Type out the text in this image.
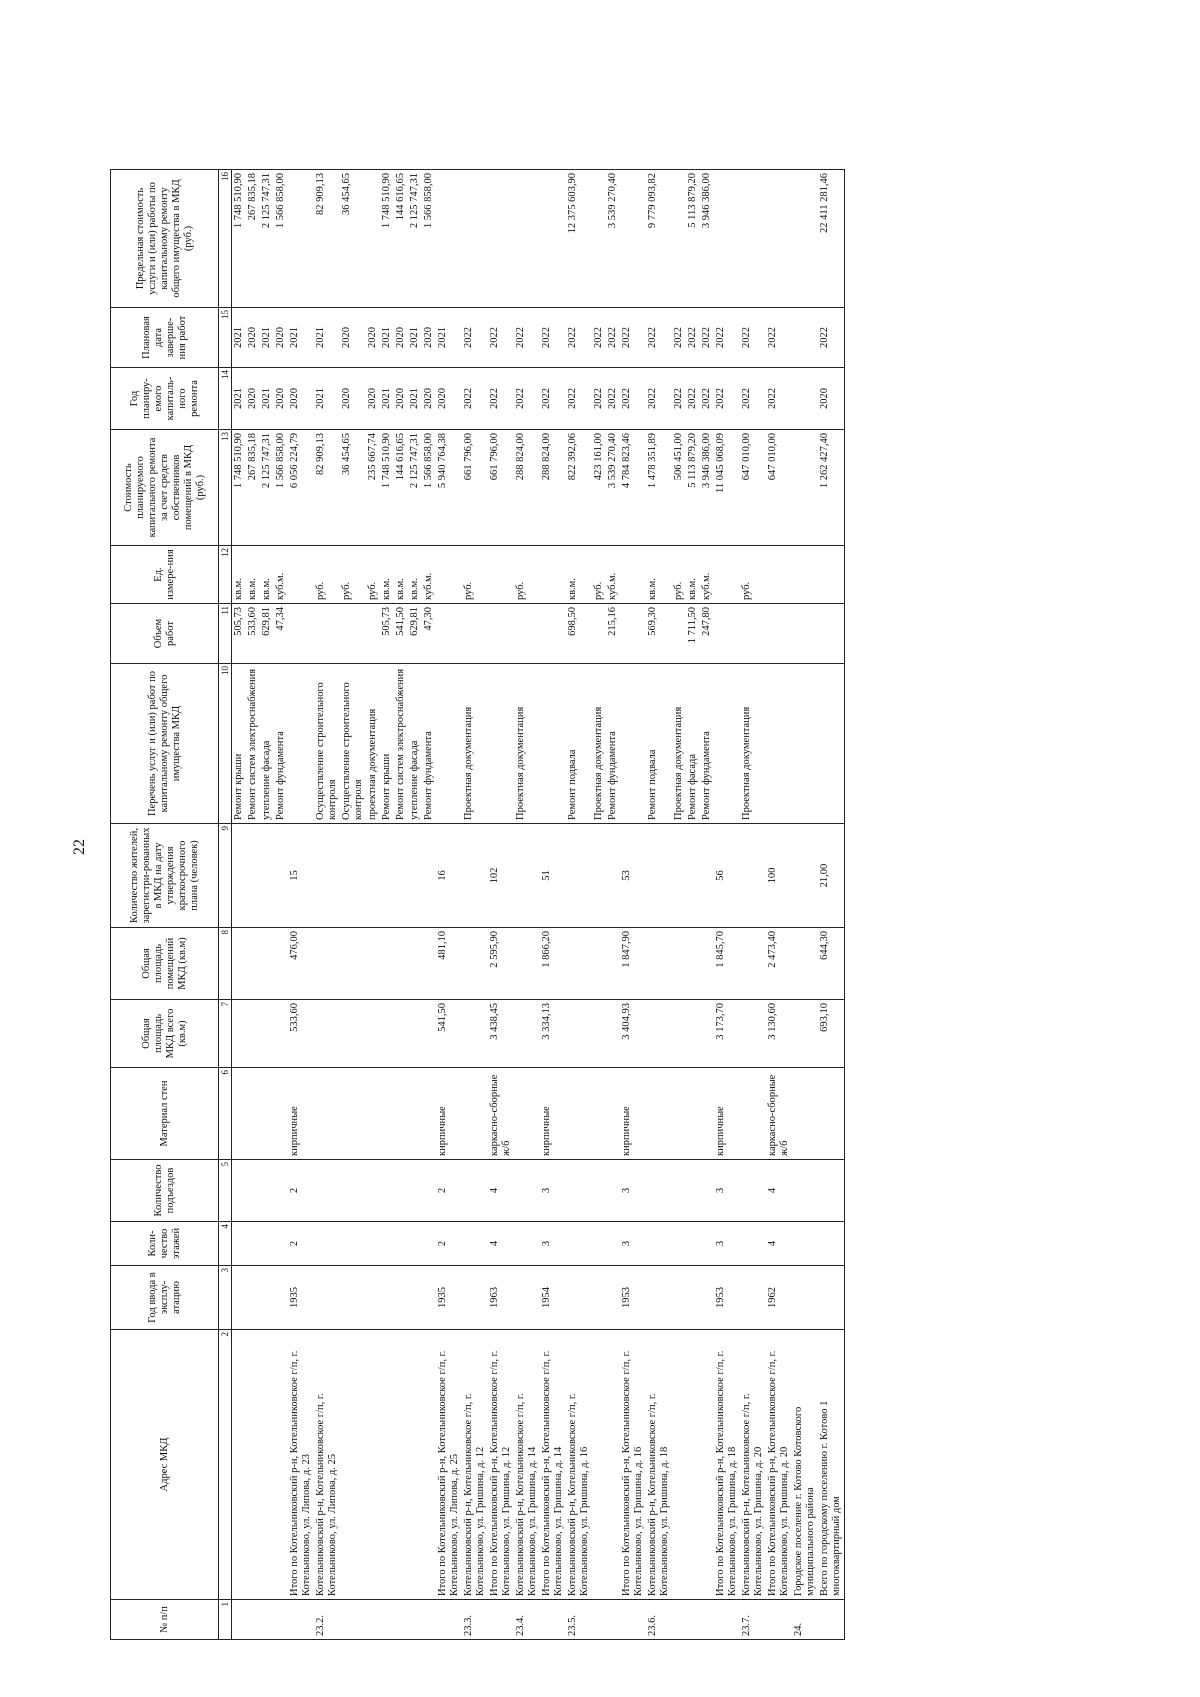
22
№ п/п	Адрес МКД	Год ввода в эксплу-атацию	Коли-чество этажей	Количество подъездов	Материал стен	Общая площадь МКД всего (кв.м)	Общая площадь помещений МКД (кв.м)	Количество жителей, зарегистри-рованных в МКД на дату утверждения краткосрочного плана (человек)	Перечень услуг и (или) работ по капитальному ремонту общего имущества МКД	Объем работ	Ед. измере-ния	Стоимость планируемого капитального ремонта за счет средств собственников помещений в МКД (руб.)	Год планиру-емого капиталь-ного ремонта	Плановая дата заверше-ния работ	Предельная стоимость услуги и (или) работы по капитальному ремонту общего имущества в МКД (руб.)
1	2	3	4	5	6	7	8	9	10	11	12	13	14	15	16
									Ремонт крыши	505,73	кв.м.	1 748 510,90	2021	2021	1 748 510,90
									Ремонт систем электроснабжения	533,60	кв.м.	267 835,18	2020	2020	267 835,18
									утепление фасада	629,81	кв.м.	2 125 747,31	2021	2021	2 125 747,31
									Ремонт фундамента	47,34	куб.м.	1 566 858,00	2020	2020	1 566 858,00
	Итого по Котельниковский р-н, Котельниковское г/п, г. Котельниково, ул. Липова, д. 23	1935	2	2	кирпичные	533,60	476,00	15				6 056 224,79	2020	2021	
23.2.	Котельниковский р-н, Котельниковское г/п, г. Котельниково, ул. Липова, д. 25								Осуществление строительного контроля		руб.	82 909,13	2021	2021	82 909,13
									Осуществление строительного контроля		руб.	36 454,65	2020	2020	36 454,65
									проектная документация		руб.	235 667,74	2020	2020	
									Ремонт крыши	505,73	кв.м.	1 748 510,90	2021	2021	1 748 510,90
									Ремонт систем электроснабжения	541,50	кв.м.	144 616,65	2020	2020	144 616,65
									утепление фасада	629,81	кв.м.	2 125 747,31	2021	2021	2 125 747,31
									Ремонт фундамента	47,30	куб.м.	1 566 858,00	2020	2020	1 566 858,00
	Итого по Котельниковский р-н, Котельниковское г/п, г. Котельниково, ул. Липова, д. 25	1935	2	2	кирпичные	541,50	481,10	16				5 940 764,38	2020	2021	
23.3.	Котельниковский р-н, Котельниковское г/п, г. Котельниково, ул. Гришина, д. 12								Проектная документация		руб.	661 796,00	2022	2022	
	Итого по Котельниковский р-н, Котельниковское г/п, г. Котельниково, ул. Гришина, д. 12	1963	4	4	каркасно-сборные ж/б	3 438,45	2 595,90	102				661 796,00	2022	2022	
23.4.	Котельниковский р-н, Котельниковское г/п, г. Котельниково, ул. Гришина, д. 14								Проектная документация		руб.	288 824,00	2022	2022	
	Итого по Котельниковский р-н, Котельниковское г/п, г. Котельниково, ул. Гришина, д. 14	1954	3	3	кирпичные	3 334,13	1 866,20	51				288 824,00	2022	2022	
23.5.	Котельниковский р-н, Котельниковское г/п, г. Котельниково, ул. Гришина, д. 16								Ремонт подвала	698,50	кв.м.	822 392,06	2022	2022	12 375 603,90
									Проектная документация		руб.	423 161,00	2022	2022	
									Ремонт фундамента	215,16	куб.м.	3 539 270,40	2022	2022	3 539 270,40
	Итого по Котельниковский р-н, Котельниковское г/п, г. Котельниково, ул. Гришина, д. 16	1953	3	3	кирпичные	3 404,93	1 847,90	53				4 784 823,46	2022	2022	
23.6.	Котельниковский р-н, Котельниковское г/п, г. Котельниково, ул. Гришина, д. 18								Ремонт подвала	569,30	кв.м.	1 478 351,89	2022	2022	9 779 093,82
									Проектная документация		руб.	506 451,00	2022	2022	
									Ремонт фасада	1 711,50	кв.м.	5 113 879,20	2022	2022	5 113 879,20
									Ремонт фундамента	247,80	куб.м.	3 946 386,00	2022	2022	3 946 386,00
	Итого по Котельниковский р-н, Котельниковское г/п, г. Котельниково, ул. Гришина, д. 18	1953	3	3	кирпичные	3 173,70	1 845,70	56				11 045 068,09	2022	2022	
23.7.	Котельниковский р-н, Котельниковское г/п, г. Котельниково, ул. Гришина, д. 20								Проектная документация		руб.	647 010,00	2022	2022	
	Итого по Котельниковский р-н, Котельниковское г/п, г. Котельниково, ул. Гришина, д. 20	1962	4	4	каркасно-сборные ж/б	3 130,60	2 473,40	100				647 010,00	2022	2022	
24.	Городское поселение г. Котово Котовского муниципального района														
	Всего по городскому поселению г. Котово 1 многоквартирный дом					693,10	644,30	21,00				1 262 427,40	2020	2022	22 411 281,46
